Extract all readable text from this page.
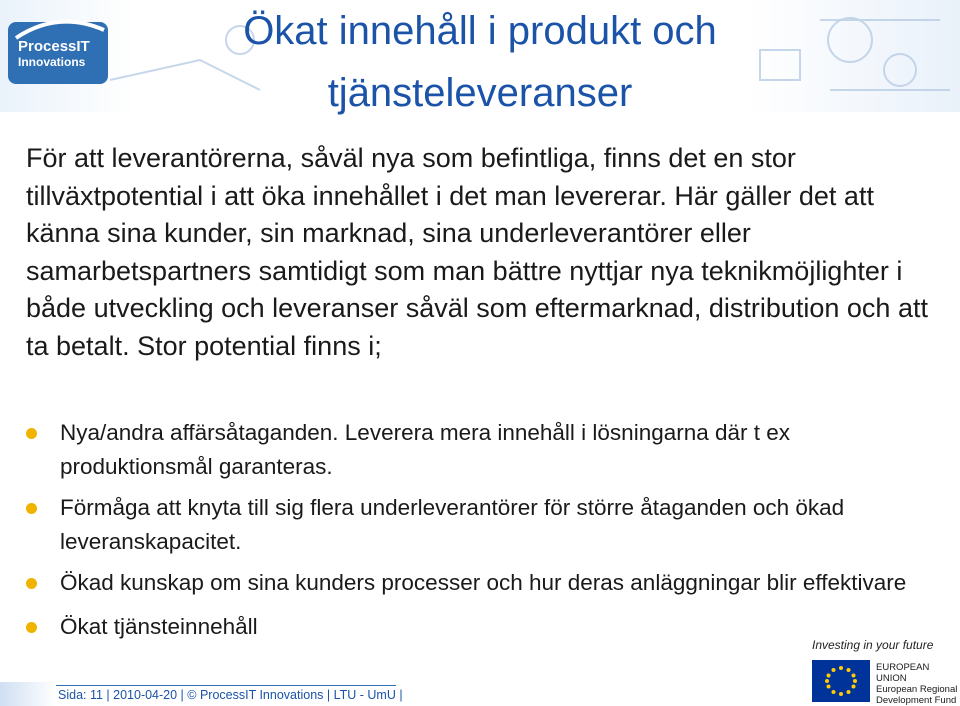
ProcessIT
Innovations
Ökat innehåll i produkt och tjänsteleveranser
För att leverantörerna, såväl nya som befintliga, finns det en stor tillväxtpotential i att öka innehållet i det man levererar. Här gäller det att känna sina kunder, sin marknad, sina underleverantörer eller samarbetspartners samtidigt som man bättre nyttjar nya teknikmöjlighter i både utveckling och leveranser såväl som eftermarknad, distribution och att ta betalt. Stor potential finns i;
Nya/andra affärsåtaganden. Leverera mera innehåll i lösningarna där t ex produktionsmål garanteras.
Förmåga att knyta till sig flera underleverantörer för större åtaganden och ökad leveranskapacitet.
Ökad kunskap om sina kunders processer och hur deras anläggningar blir effektivare
Ökat tjänsteinnehåll
Investing in your future
EUROPEAN
UNION
European Regional
Development Fund
Sida: 11 | 2010-04-20 | © ProcessIT Innovations | LTU - UmU |
